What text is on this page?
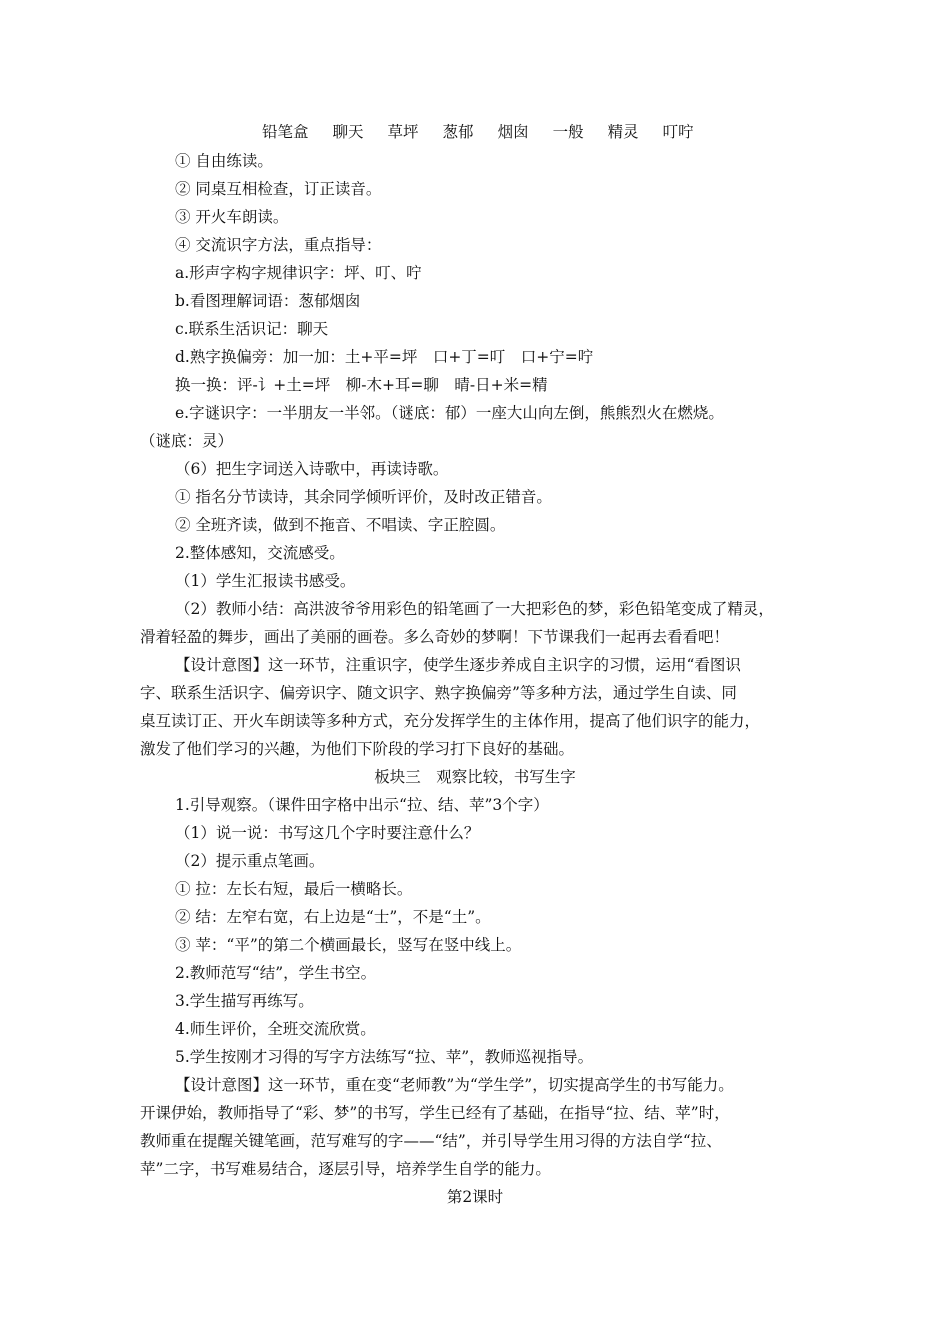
铅笔盒 聊天 草坪 葱郁 烟囱 一般 精灵 叮咛
① 自由练读。
② 同桌互相检查，订正读音。
③ 开火车朗读。
④ 交流识字方法，重点指导：
a.形声字构字规律识字：坪、叮、咛
b.看图理解词语：葱郁烟囱
c.联系生活识记：聊天
d.熟字换偏旁：加一加：土+平=坪　口+丁=叮　口+宁=咛
换一换：评-讠+土=坪　柳-木+耳=聊　晴-日+米=精
e.字谜识字：一半朋友一半邻。（谜底：郁）一座大山向左倒，熊熊烈火在燃烧。
（谜底：灵）
（6）把生字词送入诗歌中，再读诗歌。
① 指名分节读诗，其余同学倾听评价，及时改正错音。
② 全班齐读，做到不拖音、不唱读、字正腔圆。
2.整体感知，交流感受。
（1）学生汇报读书感受。
（2）教师小结：高洪波爷爷用彩色的铅笔画了一大把彩色的梦，彩色铅笔变成了精灵，
滑着轻盈的舞步，画出了美丽的画卷。多么奇妙的梦啊！下节课我们一起再去看看吧！
【设计意图】这一环节，注重识字，使学生逐步养成自主识字的习惯，运用“看图识
字、联系生活识字、偏旁识字、随文识字、熟字换偏旁”等多种方法，通过学生自读、同
桌互读订正、开火车朗读等多种方式，充分发挥学生的主体作用，提高了他们识字的能力，
激发了他们学习的兴趣，为他们下阶段的学习打下良好的基础。
板块三　观察比较，书写生字
1.引导观察。（课件田字格中出示“拉、结、苹”3个字）
（1）说一说：书写这几个字时要注意什么？
（2）提示重点笔画。
① 拉：左长右短，最后一横略长。
② 结：左窄右宽，右上边是“士”，不是“土”。
③ 苹：“平”的第二个横画最长，竖写在竖中线上。
2.教师范写“结”，学生书空。
3.学生描写再练写。
4.师生评价，全班交流欣赏。
5.学生按刚才习得的写字方法练写“拉、苹”，教师巡视指导。
【设计意图】这一环节，重在变“老师教”为“学生学”，切实提高学生的书写能力。
开课伊始，教师指导了“彩、梦”的书写，学生已经有了基础，在指导“拉、结、苹”时，
教师重在提醒关键笔画，范写难写的字——“结”，并引导学生用习得的方法自学“拉、
苹”二字，书写难易结合，逐层引导，培养学生自学的能力。
第2课时
